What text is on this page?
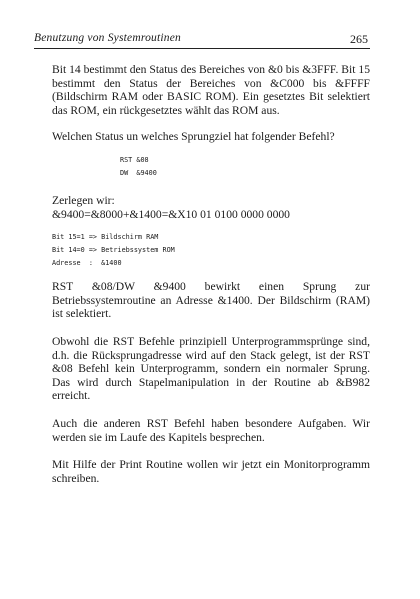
Benutzung von Systemroutinen	265

Bit 14 bestimmt den Status des Bereiches von &0 bis &3FFF. Bit 15 bestimmt den Status der Bereiches von &C000 bis &FFFF (Bildschirm RAM oder BASIC ROM). Ein gesetztes Bit selektiert das ROM, ein rückgesetztes wählt das ROM aus.

Welchen Status un welches Sprungziel hat folgender Befehl?

RST &08
DW  &9400

Zerlegen wir:

&9400=&8000+&1400=&X10 01 0100 0000 0000

Bit 15=1 => Bildschirm RAM
Bit 14=0 => Betriebssystem ROM
Adresse  :  &1400

RST &08/DW &9400 bewirkt einen Sprung zur Betriebssystemroutine an Adresse &1400. Der Bildschirm (RAM) ist selektiert.

Obwohl die RST Befehle prinzipiell Unterprogrammsprünge sind, d.h. die Rücksprungadresse wird auf den Stack gelegt, ist der RST &08 Befehl kein Unterprogramm, sondern ein normaler Sprung. Das wird durch Stapelmanipulation in der Routine ab &B982 erreicht.

Auch die anderen RST Befehl haben besondere Aufgaben. Wir werden sie im Laufe des Kapitels besprechen.

Mit Hilfe der Print Routine wollen wir jetzt ein Monitorprogramm schreiben.
